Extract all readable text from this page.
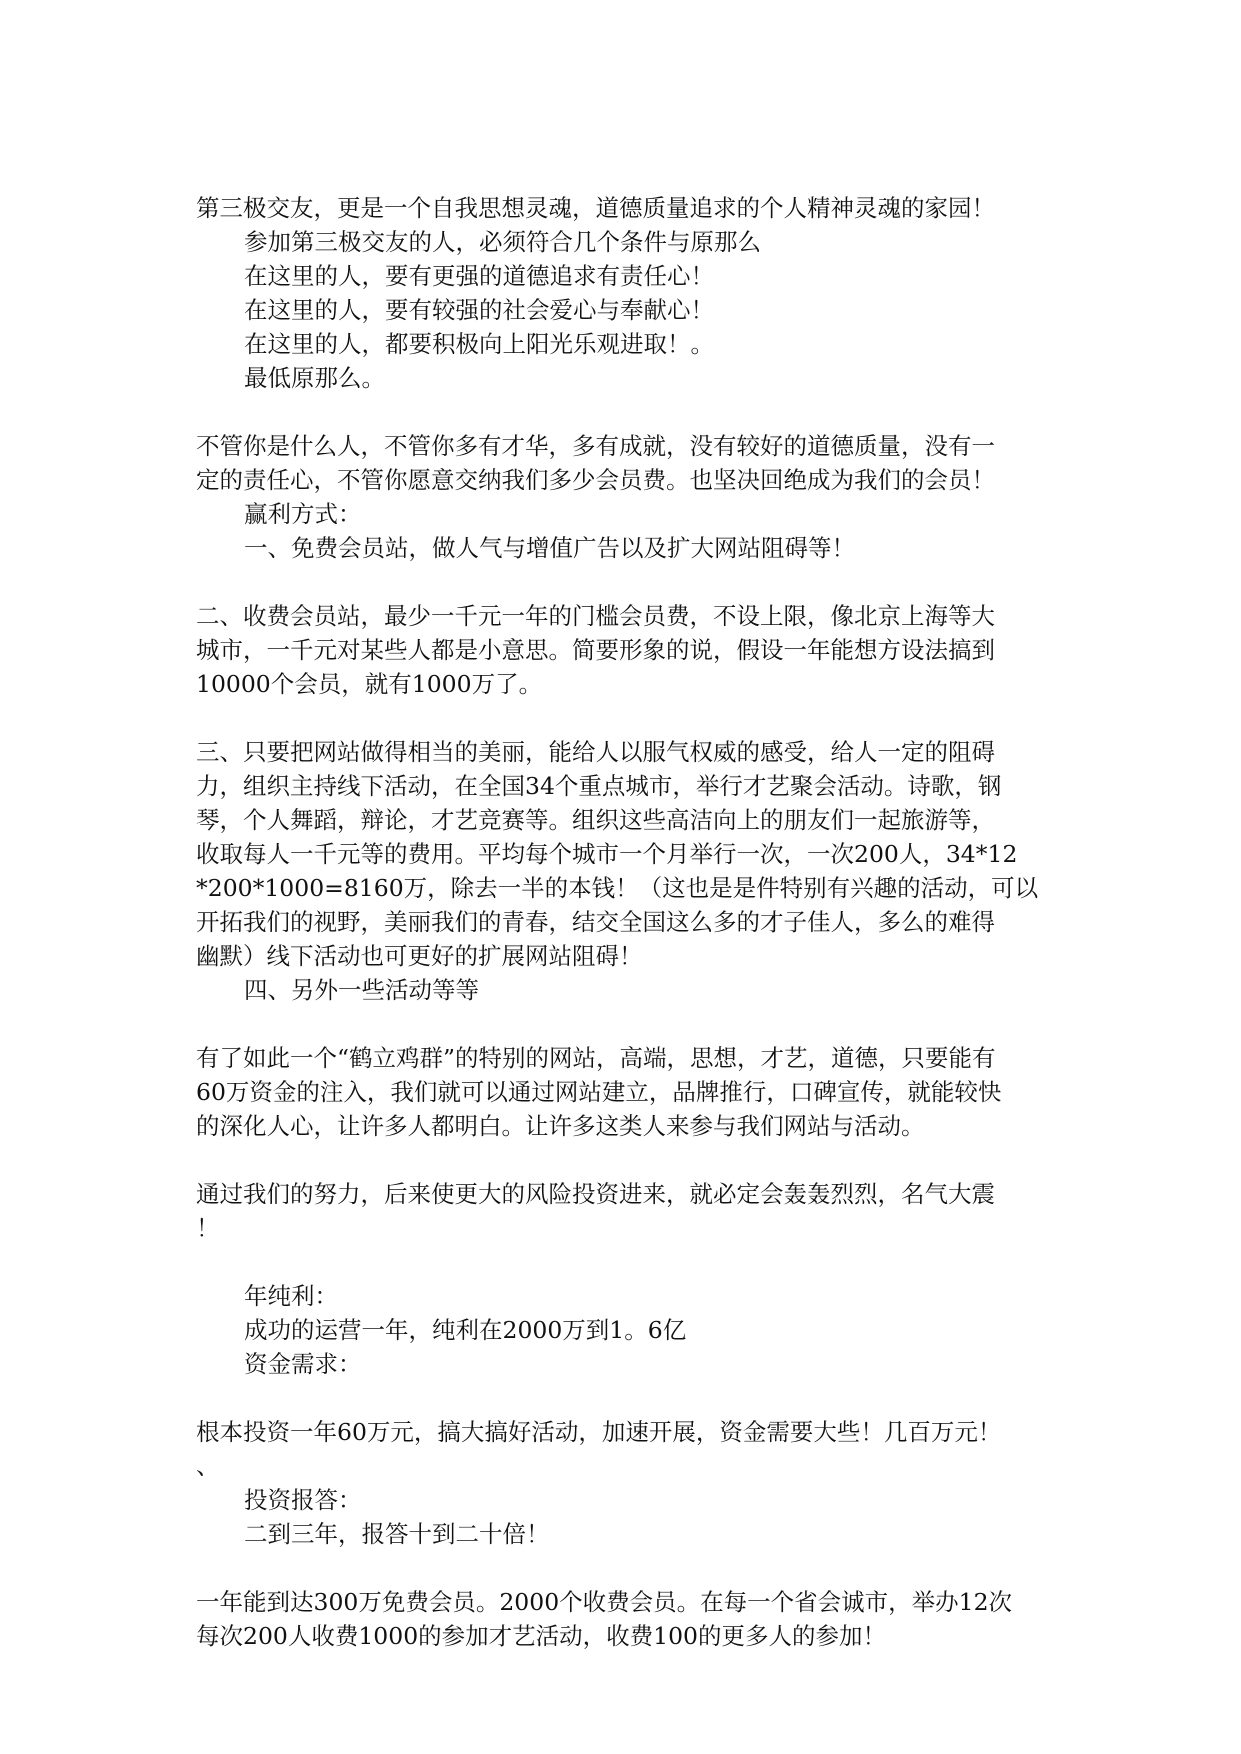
第三极交友，更是一个自我思想灵魂，道德质量追求的个人精神灵魂的家园！

参加第三极交友的人，必须符合几个条件与原那么

在这里的人，要有更强的道德追求有责任心！

在这里的人，要有较强的社会爱心与奉献心！

在这里的人，都要积极向上阳光乐观进取！。

最低原那么。

不管你是什么人，不管你多有才华，多有成就，没有较好的道德质量，没有一

定的责任心，不管你愿意交纳我们多少会员费。也坚决回绝成为我们的会员！

赢利方式：

一、免费会员站，做人气与增值广告以及扩大网站阻碍等！

二、收费会员站，最少一千元一年的门槛会员费，不设上限，像北京上海等大

城市，一千元对某些人都是小意思。简要形象的说，假设一年能想方设法搞到

10000个会员，就有1000万了。

三、只要把网站做得相当的美丽，能给人以服气权威的感受，给人一定的阻碍

力，组织主持线下活动，在全国34个重点城市，举行才艺聚会活动。诗歌，钢

琴，个人舞蹈，辩论，才艺竞赛等。组织这些高洁向上的朋友们一起旅游等，

收取每人一千元等的费用。平均每个城市一个月举行一次，一次200人，34*12

*200*1000=8160万，除去一半的本钱！（这也是是件特别有兴趣的活动，可以

开拓我们的视野，美丽我们的青春，结交全国这么多的才子佳人，多么的难得

幽默）线下活动也可更好的扩展网站阻碍！

四、另外一些活动等等

有了如此一个“鹤立鸡群”的特别的网站，高端，思想，才艺，道德，只要能有

60万资金的注入，我们就可以通过网站建立，品牌推行，口碑宣传，就能较快

的深化人心，让许多人都明白。让许多这类人来参与我们网站与活动。

通过我们的努力，后来使更大的风险投资进来，就必定会轰轰烈烈，名气大震

！

年纯利：

成功的运营一年，纯利在2000万到1。6亿

资金需求：

根本投资一年60万元，搞大搞好活动，加速开展，资金需要大些！几百万元！

、

投资报答：

二到三年，报答十到二十倍！

一年能到达300万免费会员。2000个收费会员。在每一个省会诚市，举办12次

每次200人收费1000的参加才艺活动，收费100的更多人的参加！
